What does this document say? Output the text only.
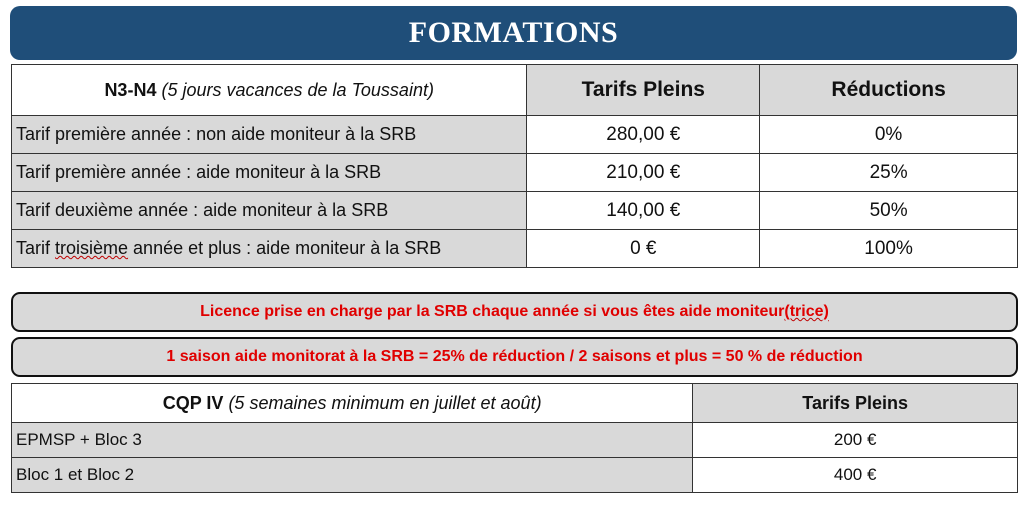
FORMATIONS
N3-N4 (5 jours vacances de la Toussaint)	Tarifs Pleins	Réductions
Tarif première année : non aide moniteur à la SRB	280,00 €	0%
Tarif première année : aide moniteur à la SRB	210,00 €	25%
Tarif deuxième année : aide moniteur à la SRB	140,00 €	50%
Tarif troisième année et plus : aide moniteur à la SRB	0 €	100%
Licence prise en charge par la SRB chaque année si vous êtes aide moniteur (trice)
1 saison aide monitorat à la SRB = 25% de réduction / 2 saisons et plus = 50 % de réduction
CQP IV (5 semaines minimum en juillet et août)	Tarifs Pleins
EPMSP + Bloc 3	200 €
Bloc 1 et Bloc 2	400 €
